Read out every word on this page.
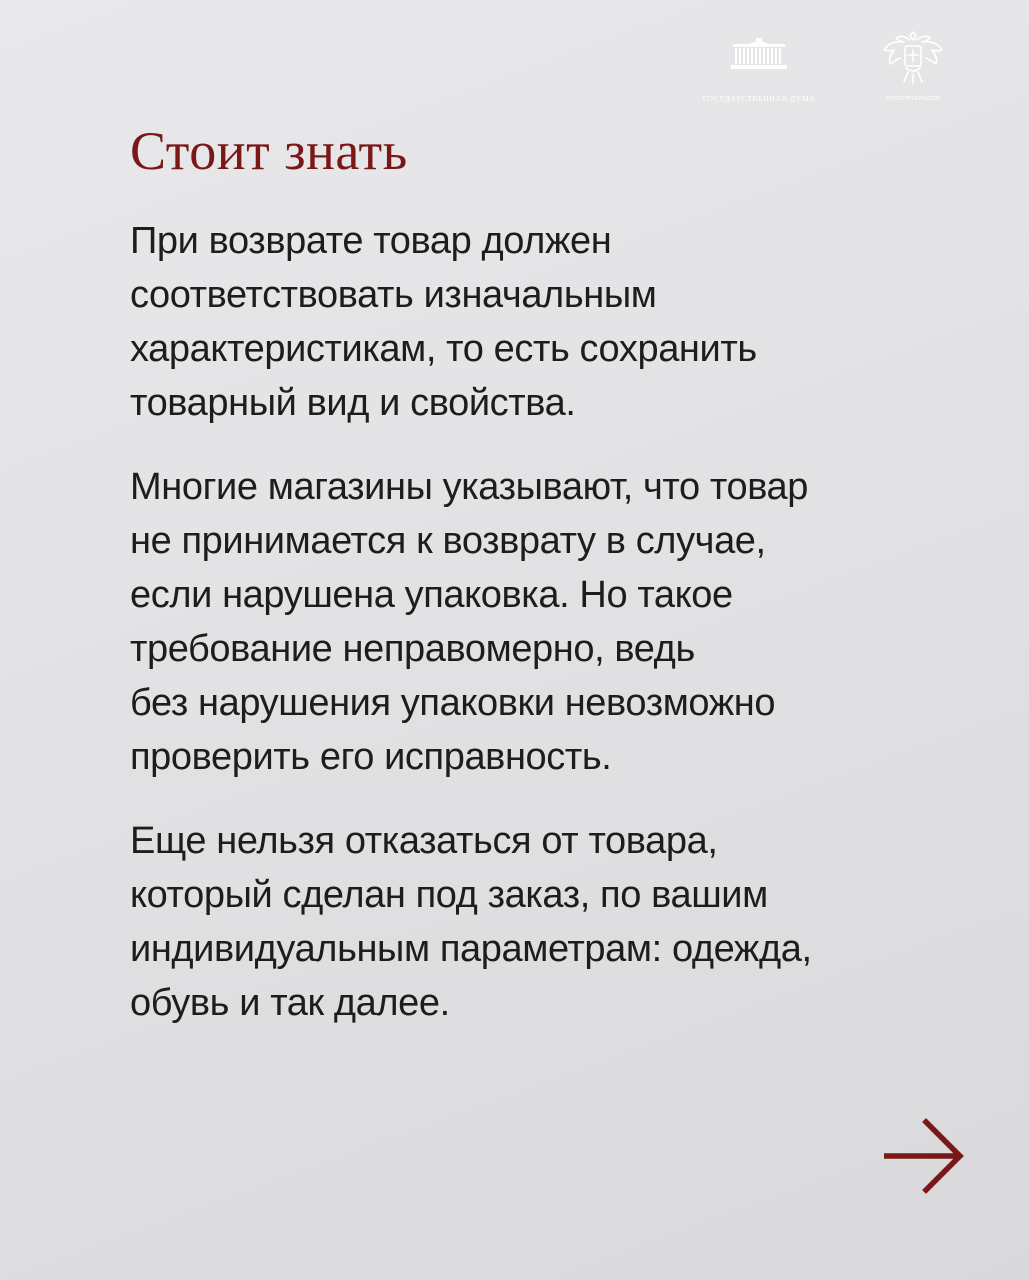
ГОСУДАРСТВЕННАЯ ДУМА	РОСПОТРЕБНАДЗОР
Стоит знать

При возврате товар должен
соответствовать изначальным
характеристикам, то есть сохранить
товарный вид и свойства.

Многие магазины указывают, что товар
не принимается к возврату в случае,
если нарушена упаковка. Но такое
требование неправомерно, ведь
без нарушения упаковки невозможно
проверить его исправность.

Еще нельзя отказаться от товара,
который сделан под заказ, по вашим
индивидуальным параметрам: одежда,
обувь и так далее.
